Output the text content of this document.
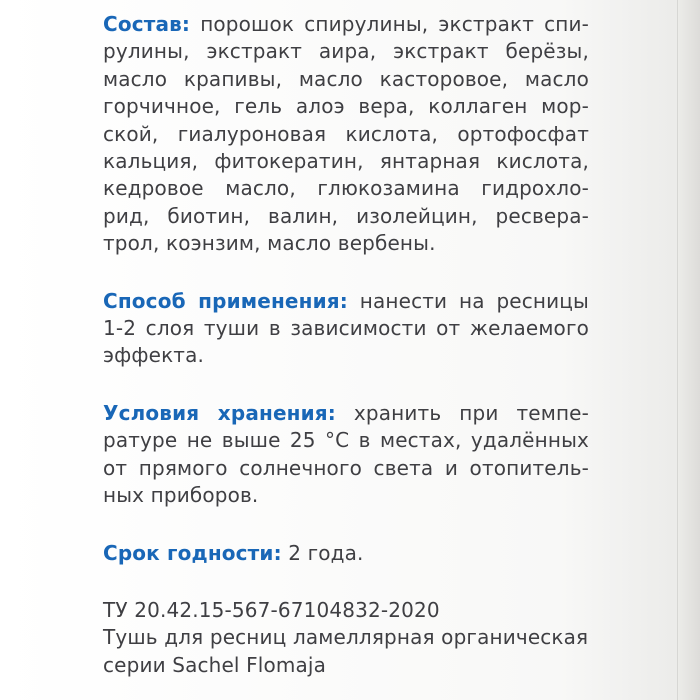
Состав: порошок спирулины, экстракт спи-
рулины, экстракт аира, экстракт берёзы,
масло крапивы, масло касторовое, масло
горчичное, гель алоэ вера, коллаген мор-
ской, гиалуроновая кислота, ортофосфат
кальция, фитокератин, янтарная кислота,
кедровое масло, глюкозамина гидрохло-
рид, биотин, валин, изолейцин, ресвера-
трол, коэнзим, масло вербены.

Способ применения: нанести на ресницы
1-2 слоя туши в зависимости от желаемого
эффекта.

Условия хранения: хранить при темпе-
ратуре не выше 25 °С в местах, удалённых
от прямого солнечного света и отопитель-
ных приборов.

Срок годности: 2 года.

ТУ 20.42.15-567-67104832-2020
Тушь для ресниц ламеллярная органическая
серии Sachel Flomaja
